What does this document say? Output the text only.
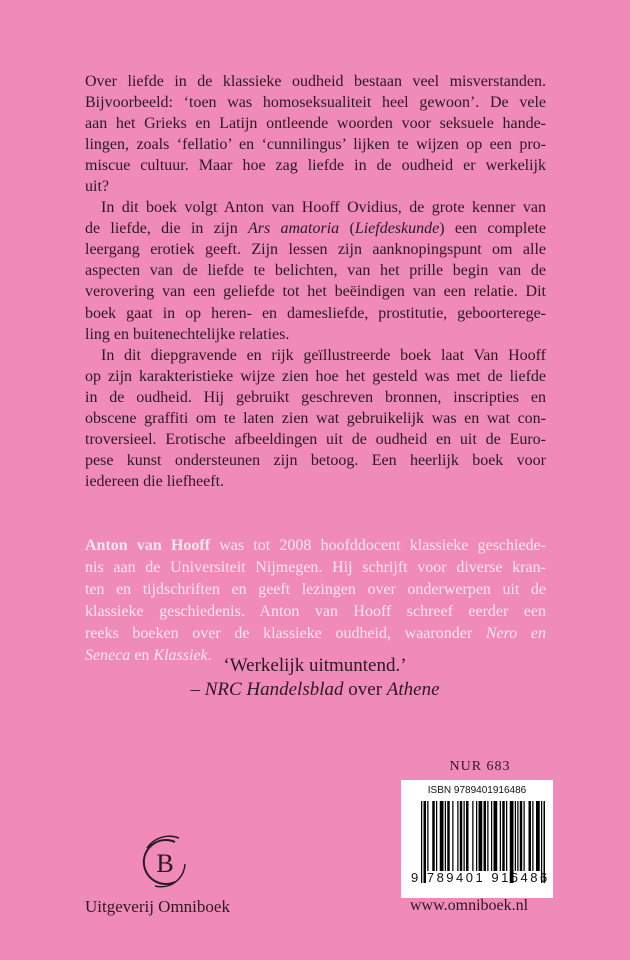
Over liefde in de klassieke oudheid bestaan veel misverstanden.
Bijvoorbeeld: ‘toen was homoseksualiteit heel gewoon’. De vele
aan het Grieks en Latijn ontleende woorden voor seksuele hande-
lingen, zoals ‘fellatio’ en ‘cunnilingus’ lijken te wijzen op een pro-
miscue cultuur. Maar hoe zag liefde in de oudheid er werkelijk
uit?
In dit boek volgt Anton van Hooff Ovidius, de grote kenner van
de liefde, die in zijn Ars amatoria (Liefdeskunde) een complete
leergang erotiek geeft. Zijn lessen zijn aanknopingspunt om alle
aspecten van de liefde te belichten, van het prille begin van de
verovering van een geliefde tot het beëindigen van een relatie. Dit
boek gaat in op heren- en damesliefde, prostitutie, geboorterege-
ling en buitenechtelijke relaties.
In dit diepgravende en rijk geïllustreerde boek laat Van Hooff
op zijn karakteristieke wijze zien hoe het gesteld was met de liefde
in de oudheid. Hij gebruikt geschreven bronnen, inscripties en
obscene graffiti om te laten zien wat gebruikelijk was en wat con-
troversieel. Erotische afbeeldingen uit de oudheid en uit de Euro-
pese kunst ondersteunen zijn betoog. Een heerlijk boek voor
iedereen die liefheeft.
Anton van Hooff was tot 2008 hoofddocent klassieke geschiede-
nis aan de Universiteit Nijmegen. Hij schrijft voor diverse kran-
ten en tijdschriften en geeft lezingen over onderwerpen uit de
klassieke geschiedenis. Anton van Hooff schreef eerder een
reeks boeken over de klassieke oudheid, waaronder Nero en
Seneca en Klassiek. ‘Werkelijk uitmuntend.’
– NRC Handelsblad over Athene
NUR 683
ISBN 9789401916486
9 789401 916486
B
Uitgeverij Omniboek	www.omniboek.nl
